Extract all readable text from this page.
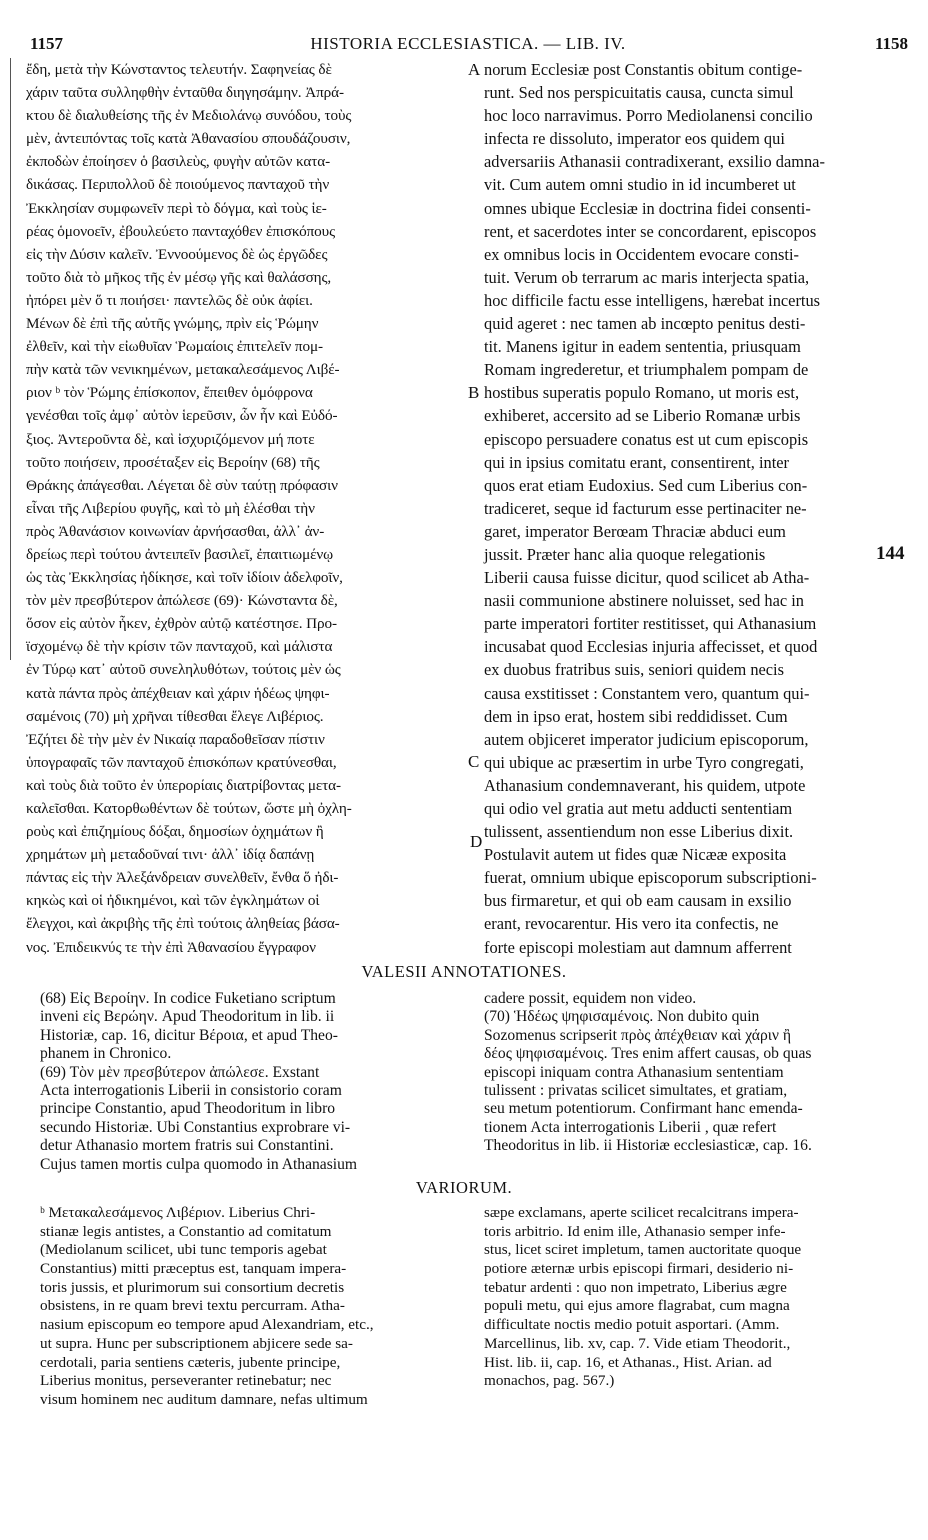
1157	HISTORIA ECCLESIASTICA. — LIB. IV.	1158
ἔδη, μετὰ τὴν Κώνσταντος τελευτήν. Σαφηνείας δὲ
χάριν ταῦτα συλληφθὴν ἐνταῦθα διηγησάμην. Ἀπρά-
κτου δὲ διαλυθείσης τῆς ἐν Μεδιολάνῳ συνόδου, τοὺς
μὲν, ἀντειπόντας τοῖς κατὰ Ἀθανασίου σπουδάζουσιν,
ἐκποδὼν ἐποίησεν ὁ βασιλεὺς, φυγὴν αὐτῶν κατα-
δικάσας. Περιπολλοῦ δὲ ποιούμενος πανταχοῦ τὴν
Ἐκκλησίαν συμφωνεῖν περὶ τὸ δόγμα, καὶ τοὺς ἱε-
ρέας ὁμονοεῖν, ἐβουλεύετο πανταχόθεν ἐπισκόπους
εἰς τὴν Δύσιν καλεῖν. Ἐννοούμενος δὲ ὡς ἐργῶδες
τοῦτο διὰ τὸ μῆκος τῆς ἐν μέσῳ γῆς καὶ θαλάσσης,
ἠπόρει μὲν ὅ τι ποιήσει· παντελῶς δὲ οὐκ ἀφίει.
Μένων δὲ ἐπὶ τῆς αὐτῆς γνώμης, πρὶν εἰς Ῥώμην
ἐλθεῖν, καὶ τὴν εἰωθυῖαν Ῥωμαίοις ἐπιτελεῖν πομ-
πὴν κατὰ τῶν νενικημένων, μετακαλεσάμενος Λιβέ-
ριον ᵇ τὸν Ῥώμης ἐπίσκοπον, ἔπειθεν ὁμόφρονα
γενέσθαι τοῖς ἀμφ᾽ αὐτὸν ἱερεῦσιν, ὧν ἦν καὶ Εὐδό-
ξιος. Ἀντεροῦντα δὲ, καὶ ἰσχυριζόμενον μή ποτε
τοῦτο ποιήσειν, προσέταξεν εἰς Βεροίην (68) τῆς
Θράκης ἀπάγεσθαι. Λέγεται δὲ σὺν ταύτῃ πρόφασιν
εἶναι τῆς Λιβερίου φυγῆς, καὶ τὸ μὴ ἑλέσθαι τὴν
πρὸς Ἀθανάσιον κοινωνίαν ἀρνήσασθαι, ἀλλ᾽ ἀν-
δρείως περὶ τούτου ἀντειπεῖν βασιλεῖ, ἐπαιτιωμένῳ
ὡς τὰς Ἐκκλησίας ἠδίκησε, καὶ τοῖν ἰδίοιν ἀδελφοῖν,
τὸν μὲν πρεσβύτερον ἀπώλεσε (69)· Κώνσταντα δὲ,
ὅσον εἰς αὐτὸν ἧκεν, ἐχθρὸν αὐτῷ κατέστησε. Προ-
ϊσχομένῳ δὲ τὴν κρίσιν τῶν πανταχοῦ, καὶ μάλιστα
ἐν Τύρῳ κατ᾽ αὐτοῦ συνεληλυθότων, τούτοις μὲν ὡς
κατὰ πάντα πρὸς ἀπέχθειαν καὶ χάριν ἡδέως ψηφι-
σαμένοις (70) μὴ χρῆναι τίθεσθαι ἔλεγε Λιβέριος.
Ἐζήτει δὲ τὴν μὲν ἐν Νικαίᾳ παραδοθεῖσαν πίστιν
ὑπογραφαῖς τῶν πανταχοῦ ἐπισκόπων κρατύνεσθαι,
καὶ τοὺς διὰ τοῦτο ἐν ὑπερορίαις διατρίβοντας μετα-
καλεῖσθαι. Κατορθωθέντων δὲ τούτων, ὥστε μὴ ὀχλη-
ροὺς καὶ ἐπιζημίους δόξαι, δημοσίων ὀχημάτων ἢ
χρημάτων μὴ μεταδοῦναί τινι· ἀλλ᾽ ἰδίᾳ δαπάνῃ
πάντας εἰς τὴν Ἀλεξάνδρειαν συνελθεῖν, ἔνθα ὅ ἠδι-
κηκὼς καὶ οἱ ἠδικημένοι, καὶ τῶν ἐγκλημάτων οἱ
ἔλεγχοι, καὶ ἀκριβὴς τῆς ἐπὶ τούτοις ἀληθείας βάσα-
νος. Ἐπιδεικνύς τε τὴν ἐπὶ Ἀθανασίου ἔγγραφον
norum Ecclesiæ post Constantis obitum contige-
runt. Sed nos perspicuitatis causa, cuncta simul
hoc loco narravimus. Porro Mediolanensi concilio
infecta re dissoluto, imperator eos quidem qui
adversariis Athanasii contradixerant, exsilio damna-
vit. Cum autem omni studio in id incumberet ut
omnes ubique Ecclesiæ in doctrina fidei consenti-
rent, et sacerdotes inter se concordarent, episcopos
ex omnibus locis in Occidentem evocare consti-
tuit. Verum ob terrarum ac maris interjecta spatia,
hoc difficile factu esse intelligens, hærebat incertus
quid ageret : nec tamen ab incœpto penitus desti-
tit. Manens igitur in eadem sententia, priusquam
Romam ingrederetur, et triumphalem pompam de
hostibus superatis populo Romano, ut moris est,
exhiberet, accersito ad se Liberio Romanæ urbis
episcopo persuadere conatus est ut cum episcopis
qui in ipsius comitatu erant, consentirent, inter
quos erat etiam Eudoxius. Sed cum Liberius con-
tradiceret, seque id facturum esse pertinaciter ne-
garet, imperator Berœam Thraciæ abduci eum
jussit. Præter hanc alia quoque relegationis
Liberii causa fuisse dicitur, quod scilicet ab Atha-
nasii communione abstinere noluisset, sed hac in
parte imperatori fortiter restitisset, qui Athanasium
incusabat quod Ecclesias injuria affecisset, et quod
ex duobus fratribus suis, seniori quidem necis
causa exstitisset : Constantem vero, quantum qui-
dem in ipso erat, hostem sibi reddidisset. Cum
autem objiceret imperator judicium episcoporum,
qui ubique ac præsertim in urbe Tyro congregati,
Athanasium condemnaverant, his quidem, utpote
qui odio vel gratia aut metu adducti sententiam
tulissent, assentiendum non esse Liberius dixit.
Postulavit autem ut fides quæ Nicææ exposita
fuerat, omnium ubique episcoporum subscriptioni-
bus firmaretur, et qui ob eam causam in exsilio
erant, revocarentur. His vero ita confectis, ne
forte episcopi molestiam aut damnum afferrent
A
B
C
D
144
VALESII ANNOTATIONES.
(68) Εἰς Βεροίην. In codice Fuketiano scriptum
inveni εἰς Βερώην. Apud Theodoritum in lib. ii
Historiæ, cap. 16, dicitur Βέροια, et apud Theo-
phanem in Chronico.
(69) Τὸν μὲν πρεσβύτερον ἀπώλεσε. Exstant
Acta interrogationis Liberii in consistorio coram
principe Constantio, apud Theodoritum in libro
secundo Historiæ. Ubi Constantius exprobrare vi-
detur Athanasio mortem fratris sui Constantini.
Cujus tamen mortis culpa quomodo in Athanasium
cadere possit, equidem non video.
(70) Ἡδέως ψηφισαμένοις. Non dubito quin
Sozomenus scripserit πρὸς ἀπέχθειαν καὶ χάριν ἢ
δέος ψηφισαμένοις. Tres enim affert causas, ob quas
episcopi iniquam contra Athanasium sententiam
tulissent : privatas scilicet simultates, et gratiam,
seu metum potentiorum. Confirmant hanc emenda-
tionem Acta interrogationis Liberii , quæ refert
Theodoritus in lib. ii Historiæ ecclesiasticæ, cap. 16.
VARIORUM.
ᵇ Μετακαλεσάμενος Λιβέριον. Liberius Chri-
stianæ legis antistes, a Constantio ad comitatum
(Mediolanum scilicet, ubi tunc temporis agebat
Constantius) mitti præceptus est, tanquam impera-
toris jussis, et plurimorum sui consortium decretis
obsistens, in re quam brevi textu percurram. Atha-
nasium episcopum eo tempore apud Alexandriam, etc.,
ut supra. Hunc per subscriptionem abjicere sede sa-
cerdotali, paria sentiens cæteris, jubente principe,
Liberius monitus, perseveranter retinebatur; nec
visum hominem nec auditum damnare, nefas ultimum
sæpe exclamans, aperte scilicet recalcitrans impera-
toris arbitrio. Id enim ille, Athanasio semper infe-
stus, licet sciret impletum, tamen auctoritate quoque
potiore æternæ urbis episcopi firmari, desiderio ni-
tebatur ardenti : quo non impetrato, Liberius ægre
populi metu, qui ejus amore flagrabat, cum magna
difficultate noctis medio potuit asportari. (Amm.
Marcellinus, lib. xv, cap. 7. Vide etiam Theodorit.,
Hist. lib. ii, cap. 16, et Athanas., Hist. Arian. ad
monachos, pag. 567.)
